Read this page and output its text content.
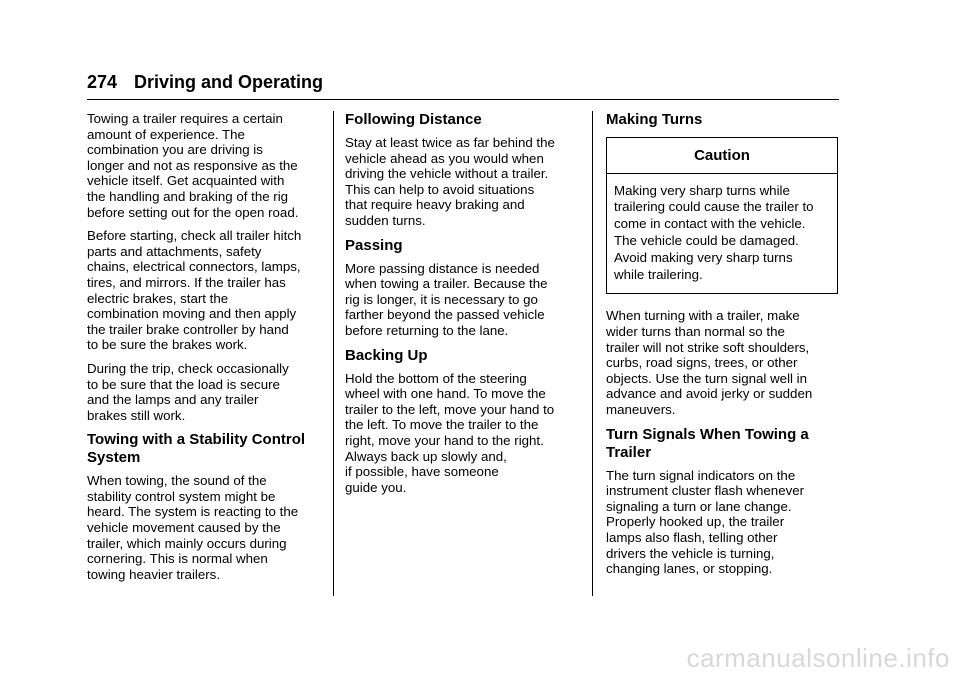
274 Driving and Operating

Towing a trailer requires a certain
amount of experience. The
combination you are driving is
longer and not as responsive as the
vehicle itself. Get acquainted with
the handling and braking of the rig
before setting out for the open road.

Before starting, check all trailer hitch
parts and attachments, safety
chains, electrical connectors, lamps,
tires, and mirrors. If the trailer has
electric brakes, start the
combination moving and then apply
the trailer brake controller by hand
to be sure the brakes work.

During the trip, check occasionally
to be sure that the load is secure
and the lamps and any trailer
brakes still work.

Towing with a Stability Control
System

When towing, the sound of the
stability control system might be
heard. The system is reacting to the
vehicle movement caused by the
trailer, which mainly occurs during
cornering. This is normal when
towing heavier trailers.

Following Distance

Stay at least twice as far behind the
vehicle ahead as you would when
driving the vehicle without a trailer.
This can help to avoid situations
that require heavy braking and
sudden turns.

Passing

More passing distance is needed
when towing a trailer. Because the
rig is longer, it is necessary to go
farther beyond the passed vehicle
before returning to the lane.

Backing Up

Hold the bottom of the steering
wheel with one hand. To move the
trailer to the left, move your hand to
the left. To move the trailer to the
right, move your hand to the right.
Always back up slowly and,
if possible, have someone
guide you.

Making Turns
Caution
Making very sharp turns while
trailering could cause the trailer to
come in contact with the vehicle.
The vehicle could be damaged.
Avoid making very sharp turns
while trailering.

When turning with a trailer, make
wider turns than normal so the
trailer will not strike soft shoulders,
curbs, road signs, trees, or other
objects. Use the turn signal well in
advance and avoid jerky or sudden
maneuvers.

Turn Signals When Towing a
Trailer

The turn signal indicators on the
instrument cluster flash whenever
signaling a turn or lane change.
Properly hooked up, the trailer
lamps also flash, telling other
drivers the vehicle is turning,
changing lanes, or stopping.

carmanualsonline.info
